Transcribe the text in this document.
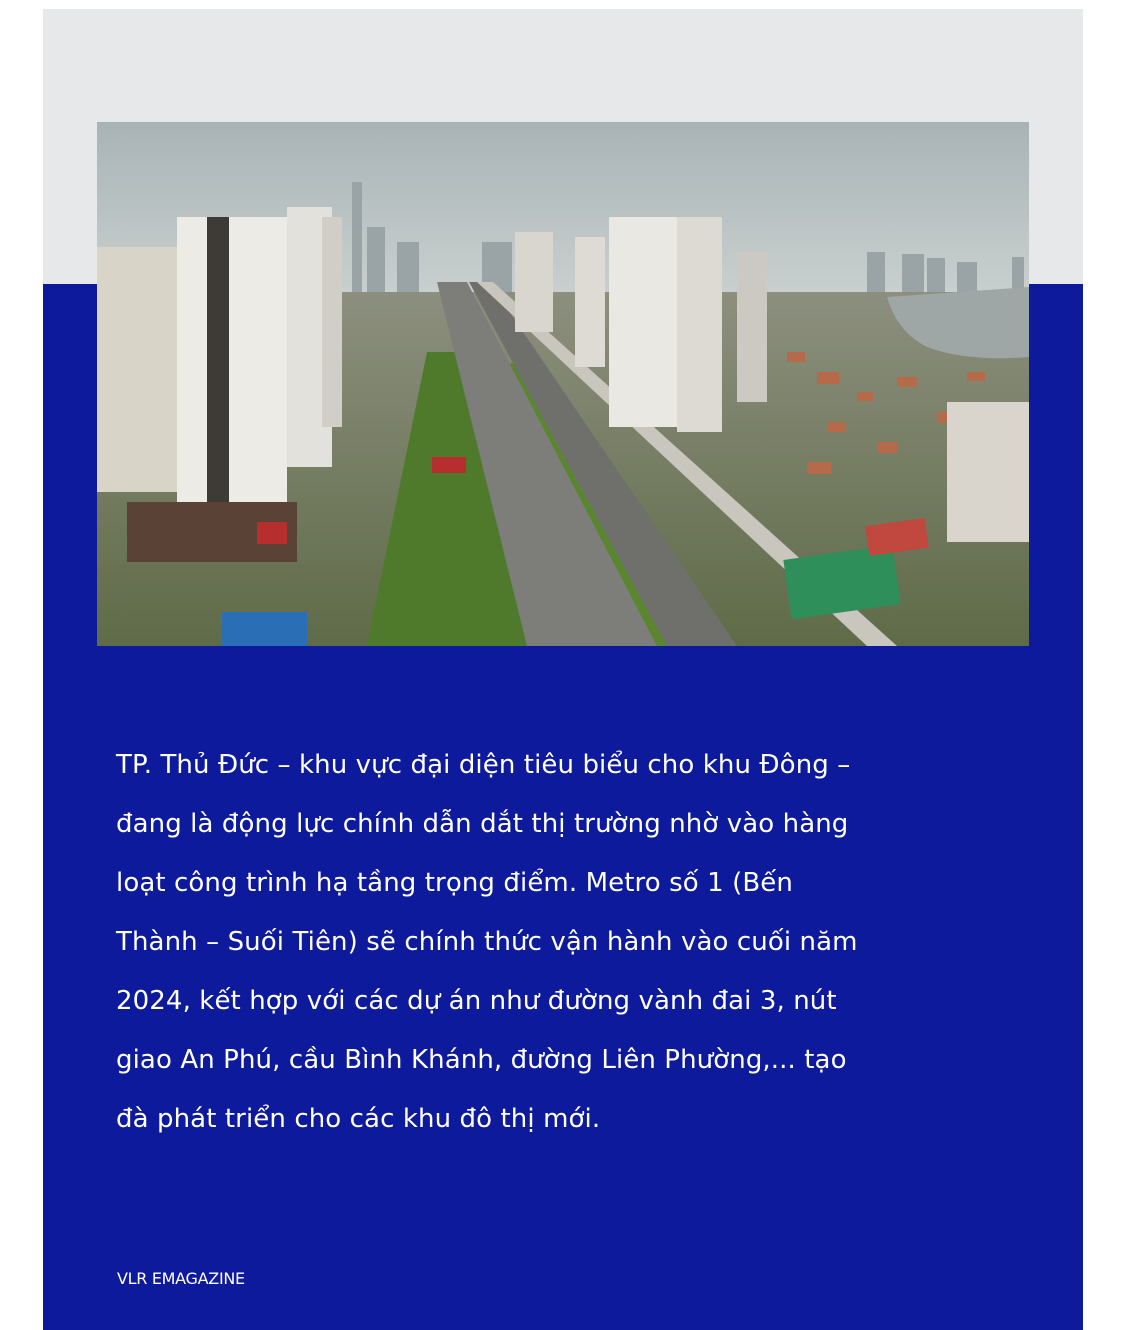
TP. Thủ Đức – khu vực đại diện tiêu biểu cho khu Đông –
đang là động lực chính dẫn dắt thị trường nhờ vào hàng
loạt công trình hạ tầng trọng điểm. Metro số 1 (Bến
Thành – Suối Tiên) sẽ chính thức vận hành vào cuối năm
2024, kết hợp với các dự án như đường vành đai 3, nút
giao An Phú, cầu Bình Khánh, đường Liên Phường,... tạo
đà phát triển cho các khu đô thị mới.

VLR EMAGAZINE
